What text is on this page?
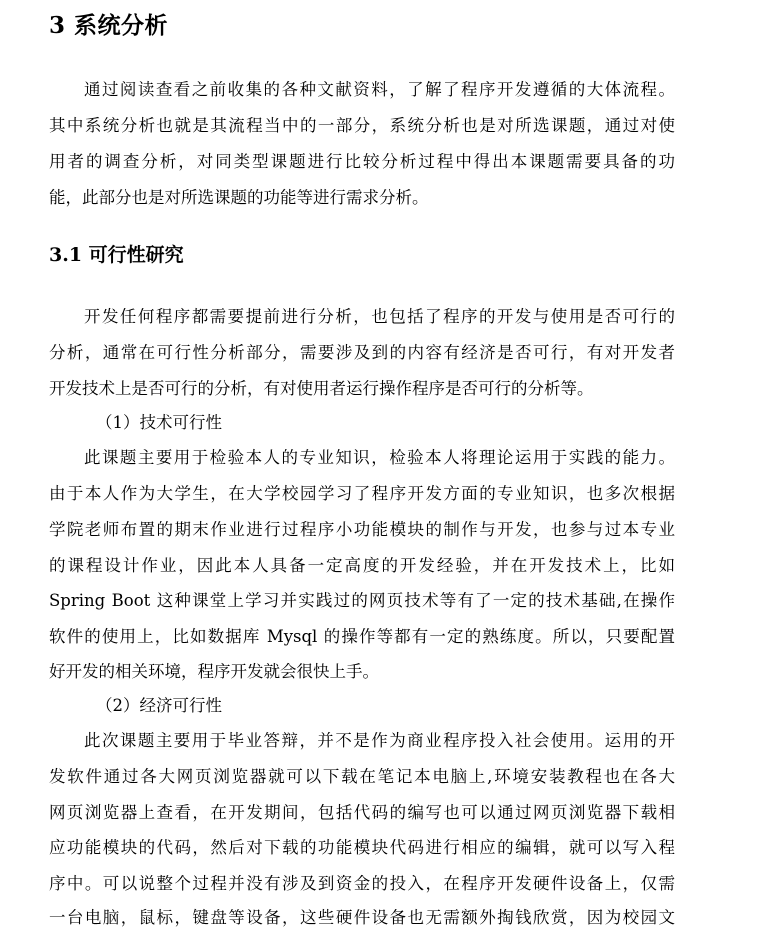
3 系统分析
通过阅读查看之前收集的各种文献资料，了解了程序开发遵循的大体流程。
其中系统分析也就是其流程当中的一部分，系统分析也是对所选课题，通过对使
用者的调查分析，对同类型课题进行比较分析过程中得出本课题需要具备的功
能，此部分也是对所选课题的功能等进行需求分析。
3.1 可行性研究
开发任何程序都需要提前进行分析，也包括了程序的开发与使用是否可行的
分析，通常在可行性分析部分，需要涉及到的内容有经济是否可行，有对开发者
开发技术上是否可行的分析，有对使用者运行操作程序是否可行的分析等。
（1）技术可行性
此课题主要用于检验本人的专业知识，检验本人将理论运用于实践的能力。
由于本人作为大学生，在大学校园学习了程序开发方面的专业知识，也多次根据
学院老师布置的期末作业进行过程序小功能模块的制作与开发，也参与过本专业
的课程设计作业，因此本人具备一定高度的开发经验，并在开发技术上，比如
Spring Boot 这种课堂上学习并实践过的网页技术等有了一定的技术基础,在操作
软件的使用上，比如数据库 Mysql 的操作等都有一定的熟练度。所以，只要配置
好开发的相关环境，程序开发就会很快上手。
（2）经济可行性
此次课题主要用于毕业答辩，并不是作为商业程序投入社会使用。运用的开
发软件通过各大网页浏览器就可以下载在笔记本电脑上,环境安装教程也在各大
网页浏览器上查看，在开发期间，包括代码的编写也可以通过网页浏览器下载相
应功能模块的代码，然后对下载的功能模块代码进行相应的编辑，就可以写入程
序中。可以说整个过程并没有涉及到资金的投入，在程序开发硬件设备上，仅需
一台电脑，鼠标，键盘等设备，这些硬件设备也无需额外掏钱欣赏，因为校园文
